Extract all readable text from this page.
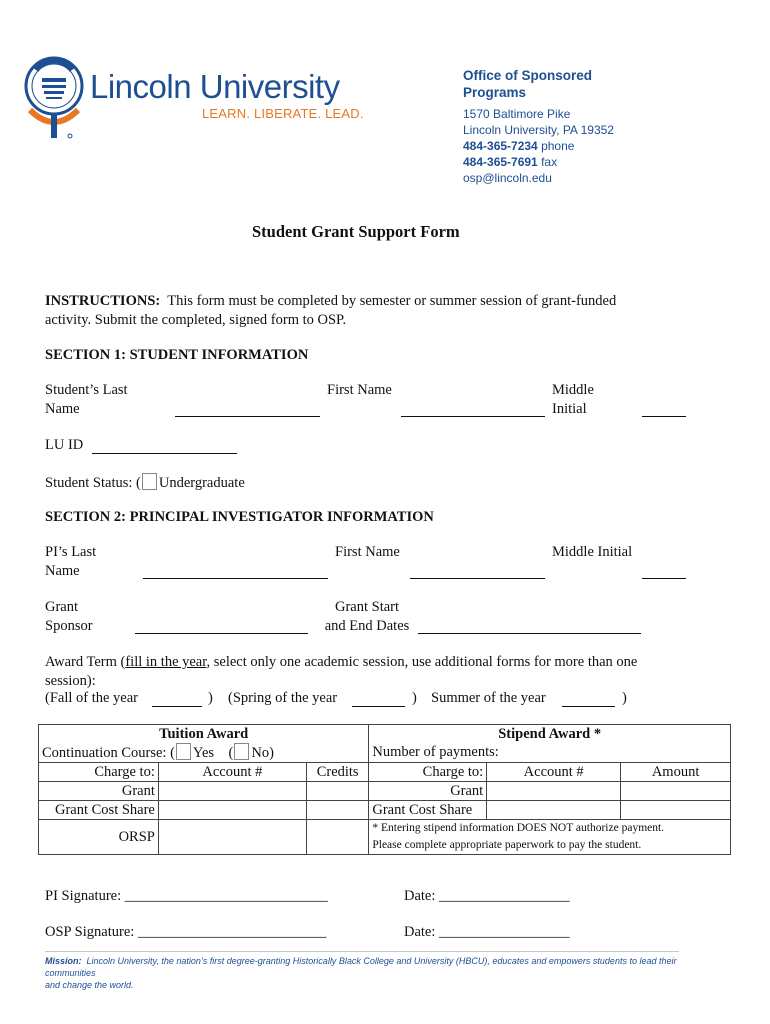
Lincoln University
LEARN. LIBERATE. LEAD.
Office of Sponsored
Programs
1570 Baltimore Pike
Lincoln University, PA 19352
484-365-7234 phone
484-365-7691 fax
osp@lincoln.edu
Student Grant Support Form
INSTRUCTIONS: This form must be completed by semester or summer session of grant-funded
activity. Submit the completed, signed form to OSP.
SECTION 1: STUDENT INFORMATION
Student’s Last
Name
First Name	Middle
Initial
LU ID
Student Status: ( Undergraduate
SECTION 2: PRINCIPAL INVESTIGATOR INFORMATION
PI’s Last
Name
First Name	Middle Initial
Grant
Sponsor
Grant Start
and End Dates
Award Term (fill in the year, select only one academic session, use additional forms for more than one
session):
(Fall of the year	) (Spring of the year	) Summer of the year	)
Tuition Award			Stipend Award *		
Continuation Course: ( Yes ( No)			Number of payments:		
Charge to:	Account #	Credits	Charge to:	Account #	Amount
Grant			Grant		
Grant Cost Share			Grant Cost Share		
ORSP			* Entering stipend information DOES NOT authorize payment.
Please complete appropriate paperwork to pay the student.		
PI Signature: ____________________________	Date: __________________
OSP Signature: __________________________	Date: __________________
Mission: Lincoln University, the nation’s first degree-granting Historically Black College and University (HBCU), educates and empowers students to lead their communities
and change the world.
